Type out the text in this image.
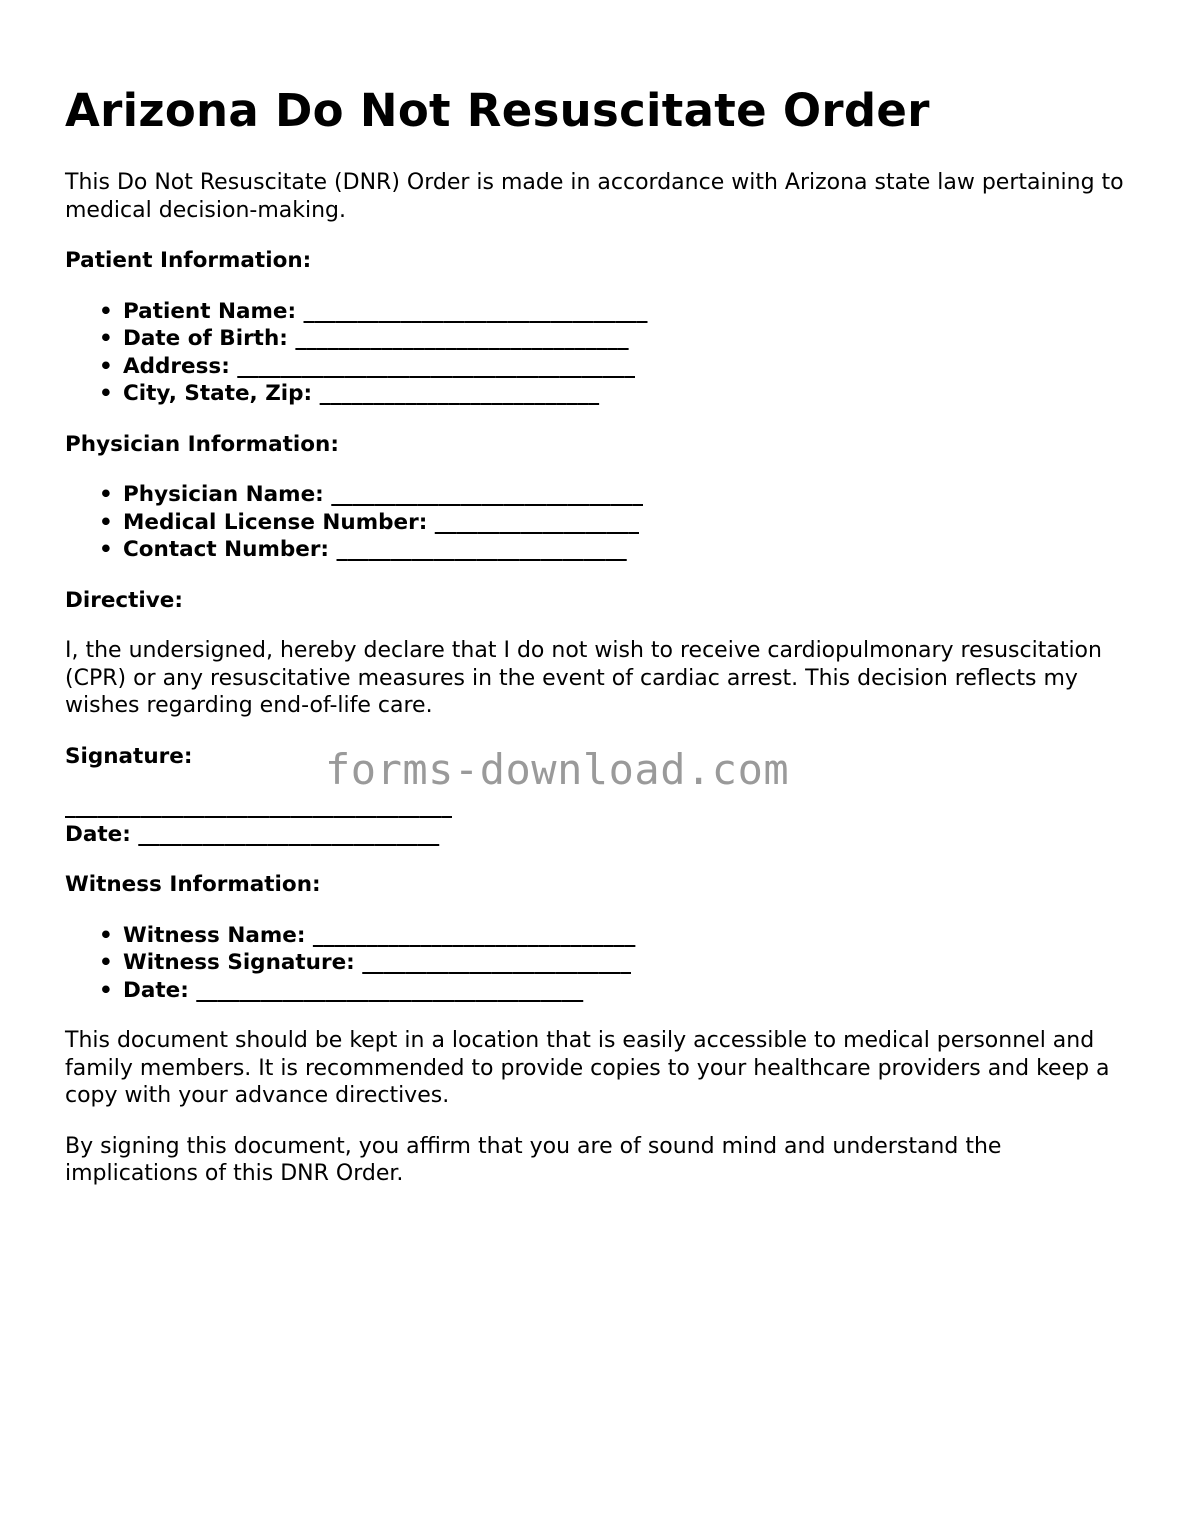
Arizona Do Not Resuscitate Order

This Do Not Resuscitate (DNR) Order is made in accordance with Arizona state law pertaining to medical decision-making.

Patient Information:
• Patient Name: ________________________________
• Date of Birth: _______________________________
• Address: _____________________________________
• City, State, Zip: __________________________
Physician Information:
• Physician Name: _____________________________
• Medical License Number: ___________________
• Contact Number: ___________________________
Directive:

I, the undersigned, hereby declare that I do not wish to receive cardiopulmonary resuscitation (CPR) or any resuscitative measures in the event of cardiac arrest. This decision reflects my wishes regarding end-of-life care.

Signature:
____________________________________
Date: ____________________________
Witness Information:
• Witness Name: ______________________________
• Witness Signature: _________________________
• Date: ____________________________________

This document should be kept in a location that is easily accessible to medical personnel and family members. It is recommended to provide copies to your healthcare providers and keep a copy with your advance directives.

By signing this document, you affirm that you are of sound mind and understand the implications of this DNR Order.

forms-download.com
